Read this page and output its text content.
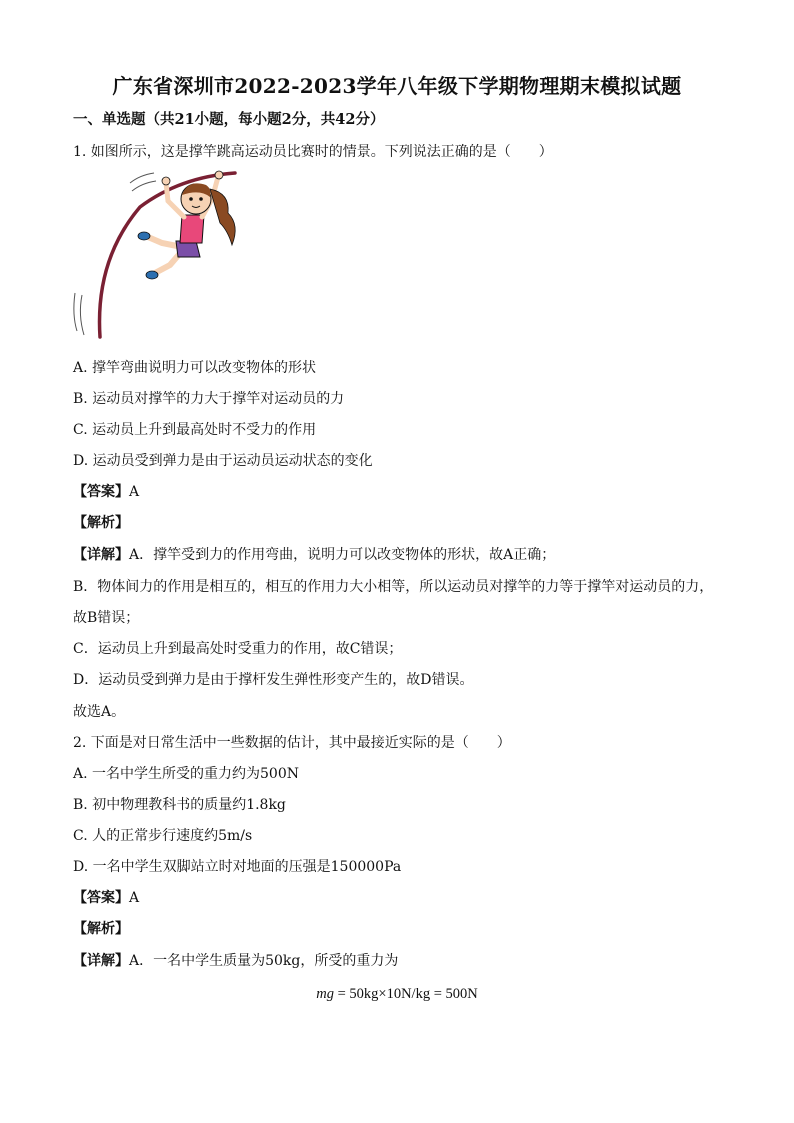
广东省深圳市2022-2023学年八年级下学期物理期末模拟试题
一、单选题（共21小题，每小题2分，共42分）
1. 如图所示，这是撑竿跳高运动员比赛时的情景。下列说法正确的是（　　）
A. 撑竿弯曲说明力可以改变物体的形状
B. 运动员对撑竿的力大于撑竿对运动员的力
C. 运动员上升到最高处时不受力的作用
D. 运动员受到弹力是由于运动员运动状态的变化
【答案】A
【解析】
【详解】A．撑竿受到力的作用弯曲，说明力可以改变物体的形状，故A正确；
B．物体间力的作用是相互的，相互的作用力大小相等，所以运动员对撑竿的力等于撑竿对运动员的力，
故B错误；
C．运动员上升到最高处时受重力的作用，故C错误；
D．运动员受到弹力是由于撑杆发生弹性形变产生的，故D错误。
故选A。
2. 下面是对日常生活中一些数据的估计，其中最接近实际的是（　　）
A. 一名中学生所受的重力约为500N
B. 初中物理教科书的质量约1.8kg
C. 人的正常步行速度约5m/s
D. 一名中学生双脚站立时对地面的压强是150000Pa
【答案】A
【解析】
【详解】A．一名中学生质量为50kg，所受的重力为
mg = 50kg×10N/kg = 500N
